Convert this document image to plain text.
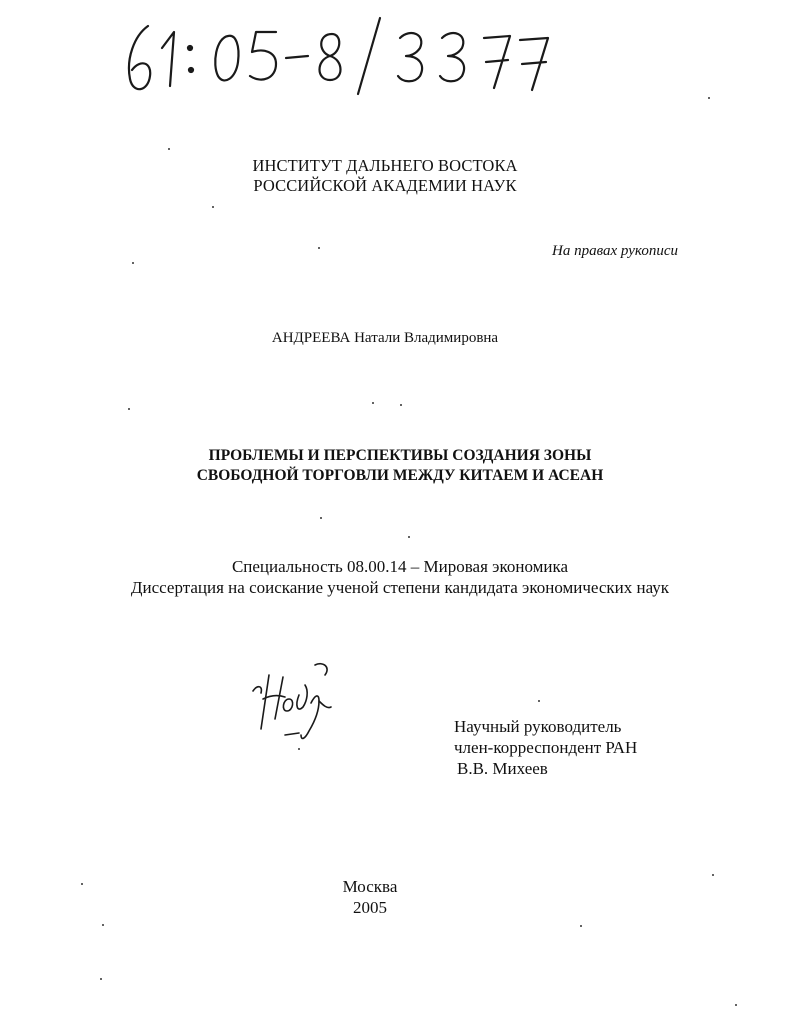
ИНСТИТУТ ДАЛЬНЕГО ВОСТОКА
РОССИЙСКОЙ АКАДЕМИИ НАУК
На правах рукописи
АНДРЕЕВА Натали Владимировна
ПРОБЛЕМЫ И ПЕРСПЕКТИВЫ СОЗДАНИЯ ЗОНЫ
СВОБОДНОЙ ТОРГОВЛИ МЕЖДУ КИТАЕМ И АСЕАН
Специальность 08.00.14 – Мировая экономика
Диссертация на соискание ученой степени кандидата экономических наук
Научный руководитель
член-корреспондент РАН
В.В. Михеев
Москва
2005
